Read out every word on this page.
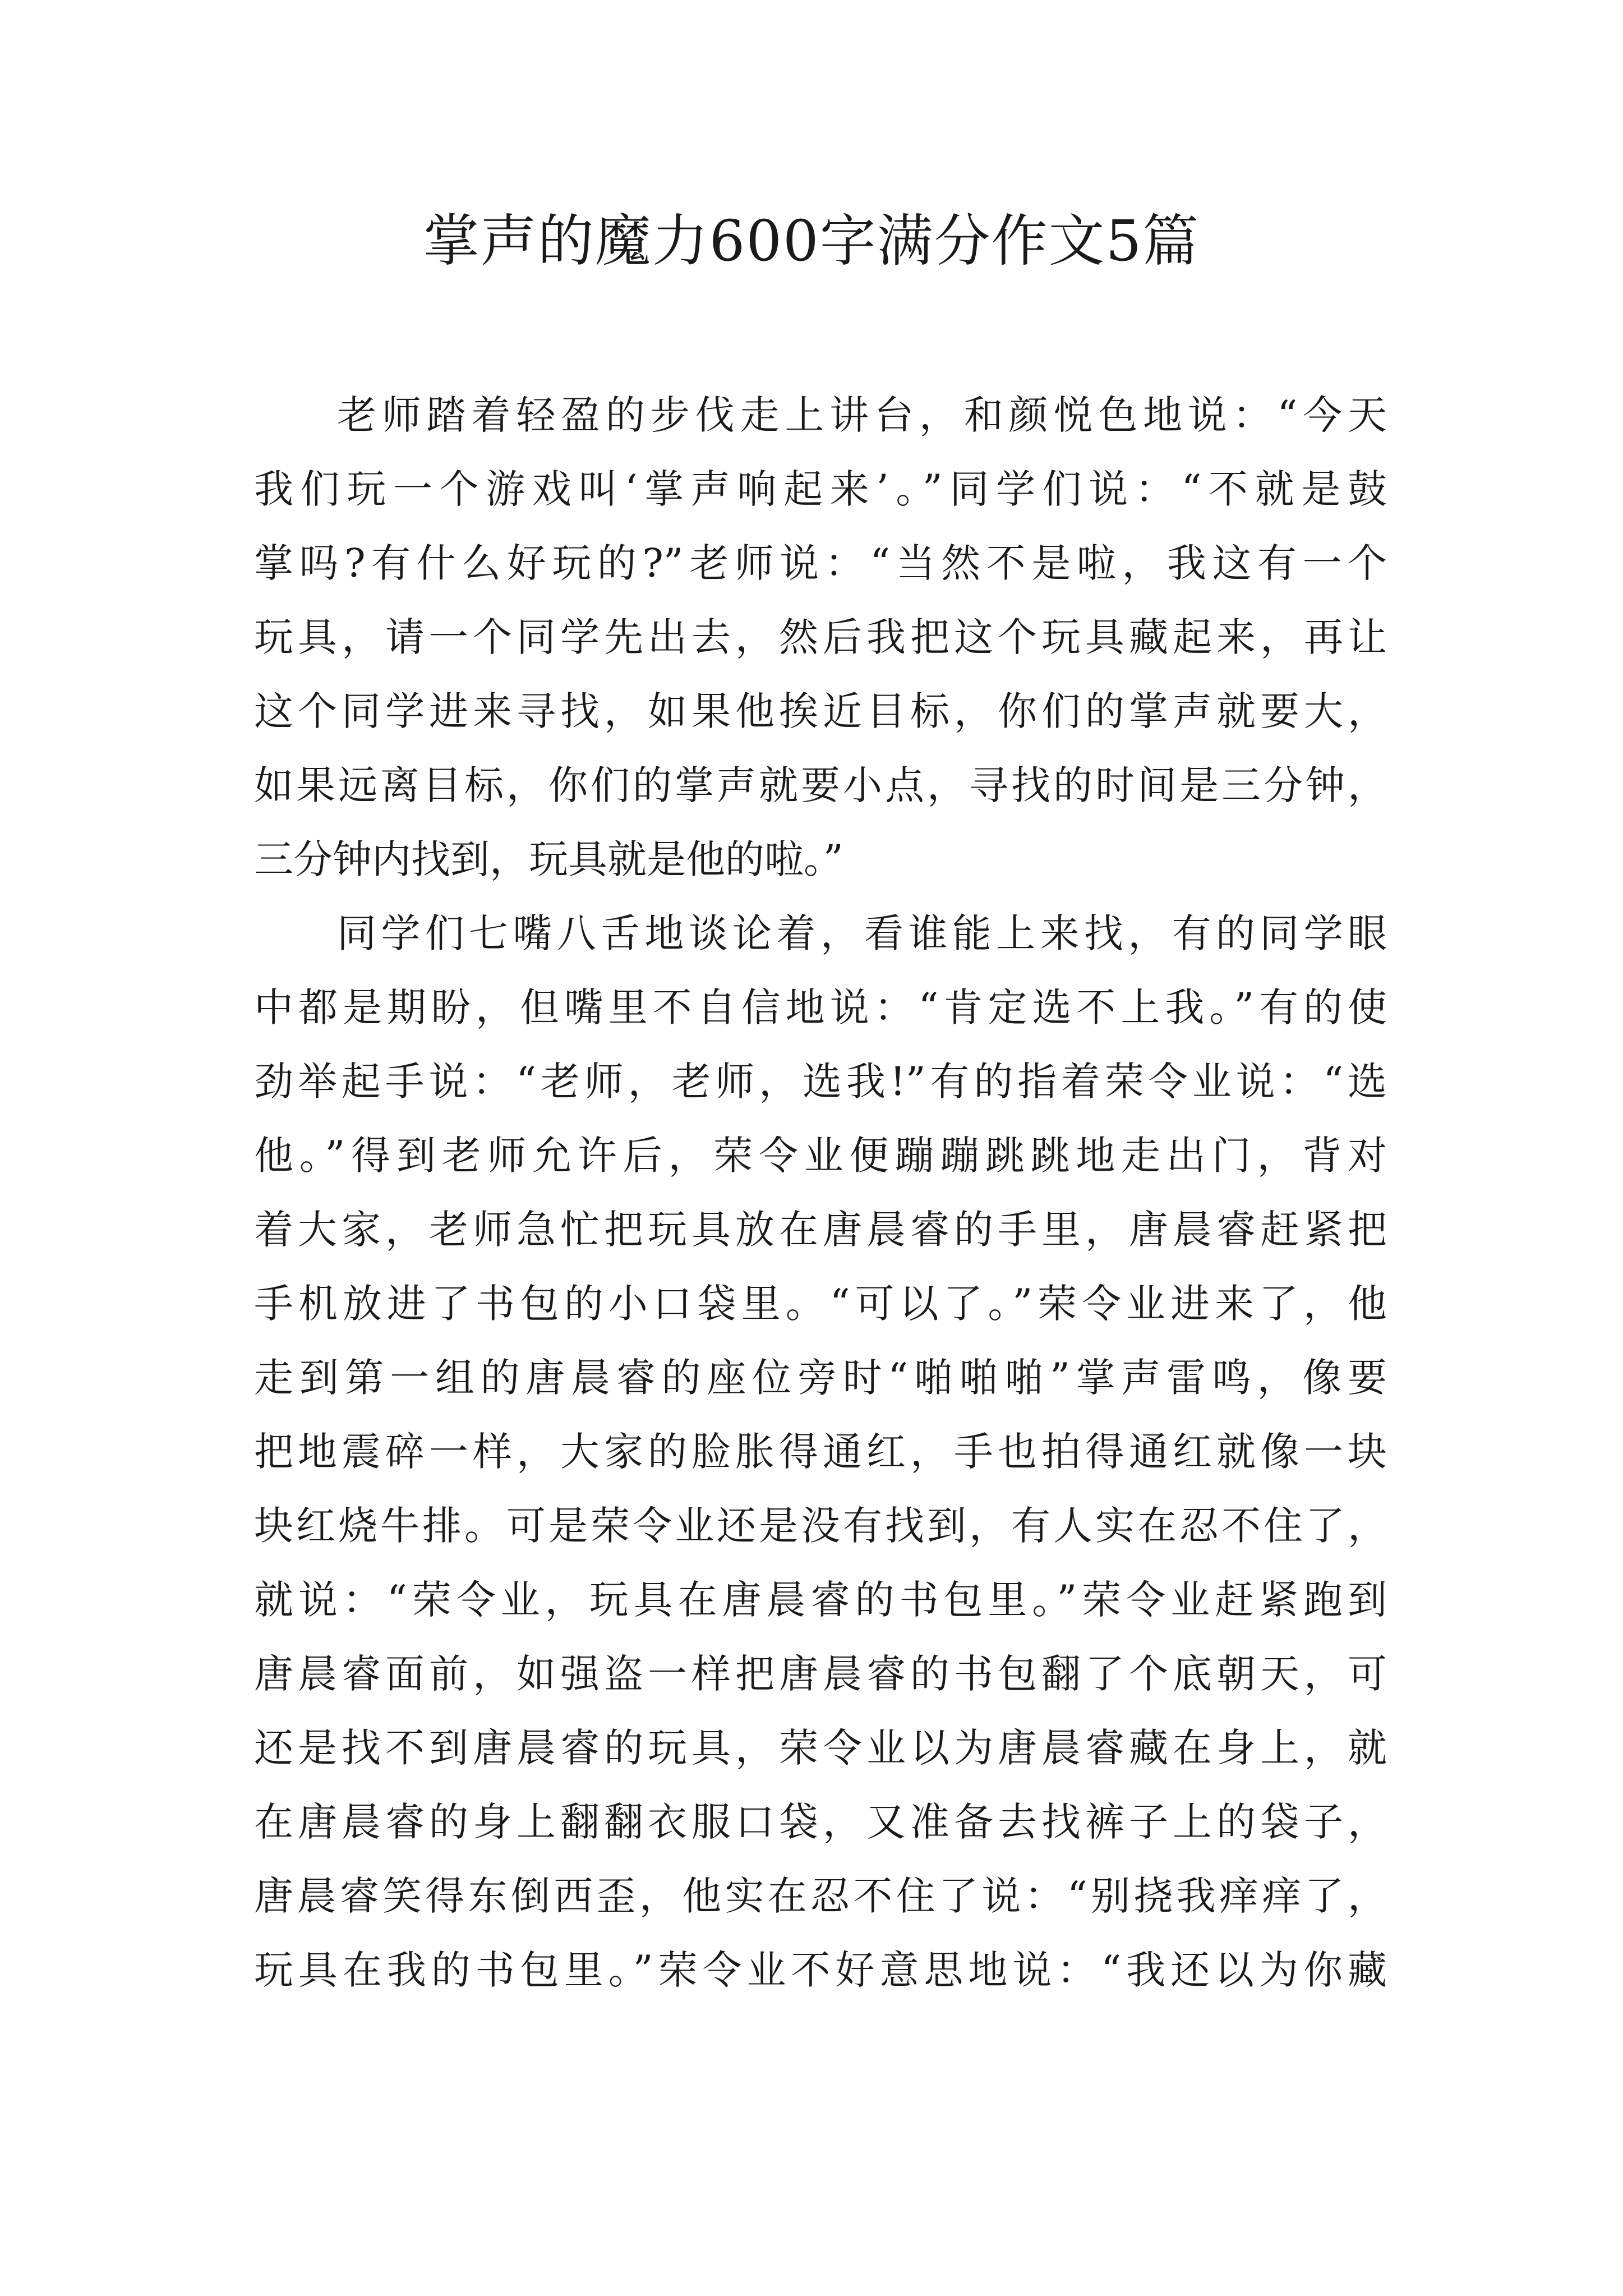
掌声的魔力600字满分作文5篇
老师踏着轻盈的步伐走上讲台，和颜悦色地说：“今天
我们玩一个游戏叫‘掌声响起来’。”同学们说：“不就是鼓
掌吗?有什么好玩的?”老师说：“当然不是啦，我这有一个
玩具，请一个同学先出去，然后我把这个玩具藏起来，再让
这个同学进来寻找，如果他挨近目标，你们的掌声就要大，
如果远离目标，你们的掌声就要小点，寻找的时间是三分钟，
三分钟内找到，玩具就是他的啦。”
同学们七嘴八舌地谈论着，看谁能上来找，有的同学眼
中都是期盼，但嘴里不自信地说：“肯定选不上我。”有的使
劲举起手说：“老师，老师，选我!”有的指着荣令业说：“选
他。”得到老师允许后，荣令业便蹦蹦跳跳地走出门，背对
着大家，老师急忙把玩具放在唐晨睿的手里，唐晨睿赶紧把
手机放进了书包的小口袋里。“可以了。”荣令业进来了，他
走到第一组的唐晨睿的座位旁时“啪啪啪”掌声雷鸣，像要
把地震碎一样，大家的脸胀得通红，手也拍得通红就像一块
块红烧牛排。可是荣令业还是没有找到，有人实在忍不住了，
就说：“荣令业，玩具在唐晨睿的书包里。”荣令业赶紧跑到
唐晨睿面前，如强盗一样把唐晨睿的书包翻了个底朝天，可
还是找不到唐晨睿的玩具，荣令业以为唐晨睿藏在身上，就
在唐晨睿的身上翻翻衣服口袋，又准备去找裤子上的袋子，
唐晨睿笑得东倒西歪，他实在忍不住了说：“别挠我痒痒了，
玩具在我的书包里。”荣令业不好意思地说：“我还以为你藏
